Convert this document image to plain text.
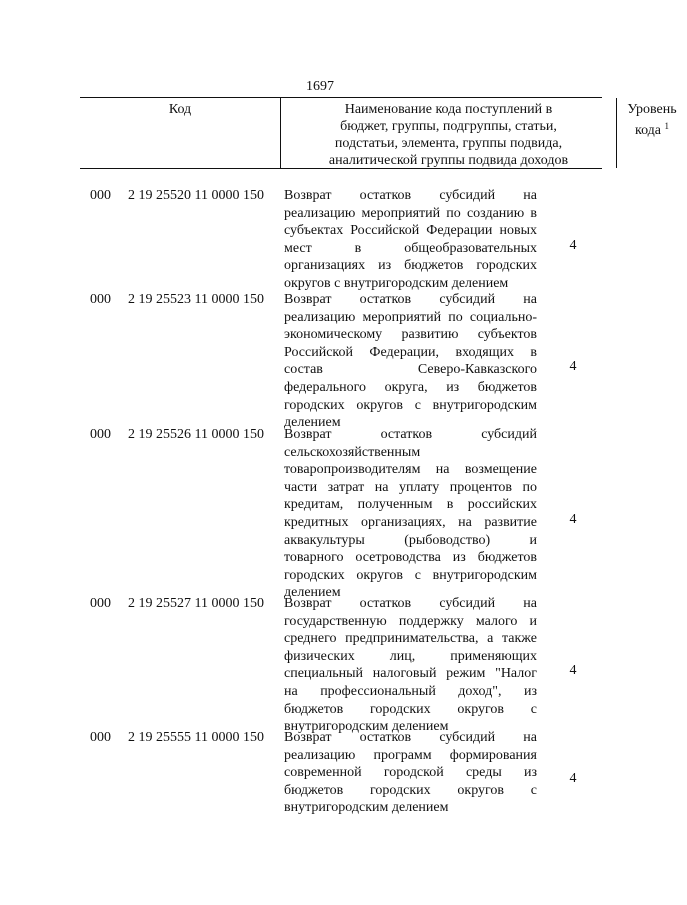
1697
Код	Наименование кода поступлений в
бюджет, группы, подгруппы, статьи,
подстатьи, элемента, группы подвида,
аналитической группы подвида доходов
Уровень
кода $^1$
000 2 19 25520 11 0000 150 Возврат остатков субсидий на
реализацию мероприятий по созданию в
субъектах Российской Федерации новых
мест в общеобразовательных
организациях из бюджетов городских
округов с внутригородским делением
4
000 2 19 25523 11 0000 150 Возврат остатков субсидий на
реализацию мероприятий по социально-
экономическому развитию субъектов
Российской Федерации, входящих в
состав Северо-Кавказского
федерального округа, из бюджетов
городских округов с внутригородским
делением
4
000 2 19 25526 11 0000 150 Возврат остатков субсидий
сельскохозяйственным
товаропроизводителям на возмещение
части затрат на уплату процентов по
кредитам, полученным в российских
кредитных организациях, на развитие
аквакультуры (рыбоводство) и
товарного осетроводства из бюджетов
городских округов с внутригородским
делением
4
000 2 19 25527 11 0000 150 Возврат остатков субсидий на
государственную поддержку малого и
среднего предпринимательства, а также
физических лиц, применяющих
специальный налоговый режим "Налог
на профессиональный доход", из
бюджетов городских округов с
внутригородским делением
4
000 2 19 25555 11 0000 150 Возврат остатков субсидий на
реализацию программ формирования
современной городской среды из
бюджетов городских округов с
внутригородским делением
4
